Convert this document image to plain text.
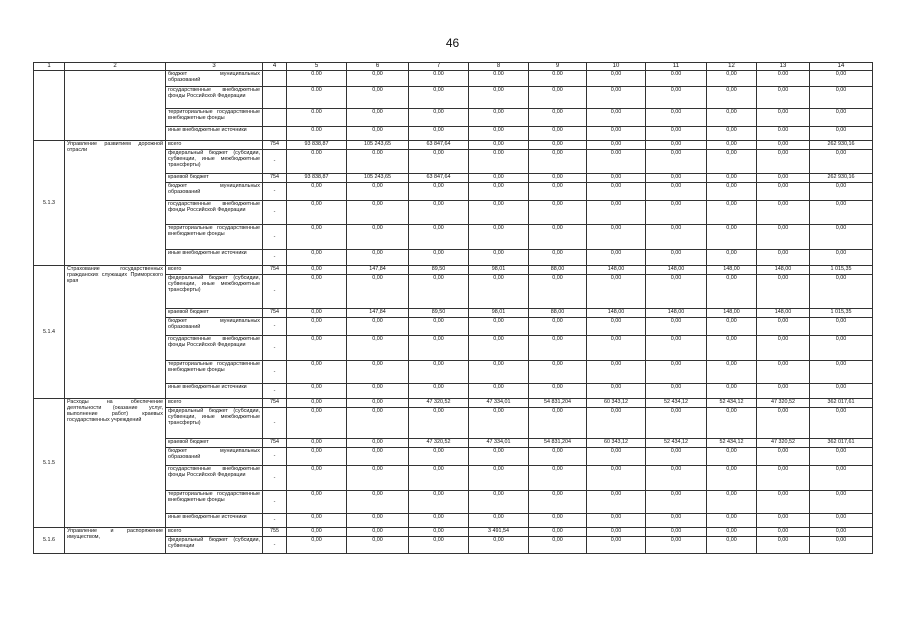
46
1	2	3	4	5	6	7	8	9	10	11	12	13	14
		бюджет муниципальных образований		0.00	0,00	0.00	0.00	0.00	0,00	0.00	0,00	0.00	0,00
		государственные внебюджетные фонды Российской Федерации		0.00	0,00	0,00	0,00	0,00	0,00	0,00	0,00	0,00	0,00
		территориальные государственные внебюджетные фонды		0.00	0,00	0,00	0,00	0,00	0,00	0,00	0,00	0,00	0,00
		иные внебюджетные источники		0.00	0,00	0,00	0,00	0,00	0,00	0,00	0,00	0.00	0,00
5.1.3	Управление развитием дорожной отрасли	всего	754	93 838,87	105 243,65	63 847,64	0,00	0,00	0,00	0,00	0,00	0,00	262 930,16
		федеральный бюджет (субсидии, субвенции, иные межбюджетные трансферты)	-	0.00	0.00	0,00	0.00	0,00	0.00	0,00	0,00	0,00	0,00
		краевой бюджет	754	93 838,87	105 243,65	63 847,64	0,00	0,00	0,00	0,00	0,00	0,00	262 930,16
		бюджет муниципальных образований	-	0,00	0,00	0,00	0,00	0,00	0,00	0,00	0,00	0,00	0,00
		государственные внебюджетные фонды Российской Федерации	-	0,00	0,00	0,00	0,00	0,00	0,00	0,00	0,00	0,00	0,00
		территориальные государственные внебюджетные фонды	-	0,00	0,00	0,00	0,00	0,00	0,00	0,00	0,00	0,00	0,00
		иные внебюджетные источники	-	0,00	0,00	0,00	0,00	0,00	0,00	0,00	0,00	0,00	0,00
5.1.4	Страхование государственных гражданских служащих Приморского края	всего	754	0,00	147,84	89,50	98,01	88,00	148,00	148,00	148,00	148,00	1 015,35
		федеральный бюджет (субсидии, субвенции, иные межбюджетные трансферты)	-	0,00	0,00	0,00	0,00	0,00	0,00	0,00	0,00	0,00	0,00
		краевой бюджет	754	0,00	147,84	89,50	98,01	88,00	148,00	148,00	148,00	148,00	1 015,35
		бюджет муниципальных образований	-	0,00	0,00	0,00	0,00	0,00	0,00	0,00	0,00	0,00	0,00
		государственные внебюджетные фонды Российской Федерации	-	0,00	0,00	0,00	0,00	0,00	0,00	0,00	0,00	0,00	0,00
		территориальные государственные внебюджетные фонды	-	0,00	0,00	0,00	0,00	0,00	0,00	0,00	0,00	0,00	0,00
		иные внебюджетные источники	-	0,00	0,00	0,00	0,00	0,00	0,00	0,00	0,00	0,00	0,00
5.1.5	Расходы на обеспечение деятельности (оказание услуг, выполнение работ) краевых государственных учреждений	всего	754	0,00	0,00	47 320,52	47 334,01	54 831,204	60 343,12	52 434,12	52 434,12	47 320,52	362 017,61
		федеральный бюджет (субсидии, субвенции, иные межбюджетные трансферты)	-	0,00	0,00	0,00	0,00	0,00	0,00	0,00	0,00	0,00	0,00
		краевой бюджет	754	0,00	0,00	47 320,52	47 334,01	54 831,204	60 343,12	52 434,12	52 434,12	47 320,52	362 017,61
		бюджет муниципальных образований	-	0,00	0,00	0,00	0,00	0,00	0,00	0,00	0,00	0,00	0,00
		государственные внебюджетные фонды Российской Федерации	-	0,00	0,00	0,00	0,00	0,00	0,00	0,00	0,00	0,00	0,00
		территориальные государственные внебюджетные фонды	-	0,00	0,00	0,00	0,00	0,00	0,00	0,00	0,00	0,00	0,00
		иные внебюджетные источники	-	0,00	0,00	0,00	0,00	0,00	0,00	0,00	0,00	0,00	0,00
5.1.6	Управление и распоряжение имуществом,	всего	755	0,00	0,00	0,00	3 491,54	0,00	0,00	0,00	0,00	0,00	0,00
		федеральный бюджет (субсидии, субвенции	-	0,00	0,00	0,00	0,00	0,00	0,00	0,00	0,00	0,00	0,00
